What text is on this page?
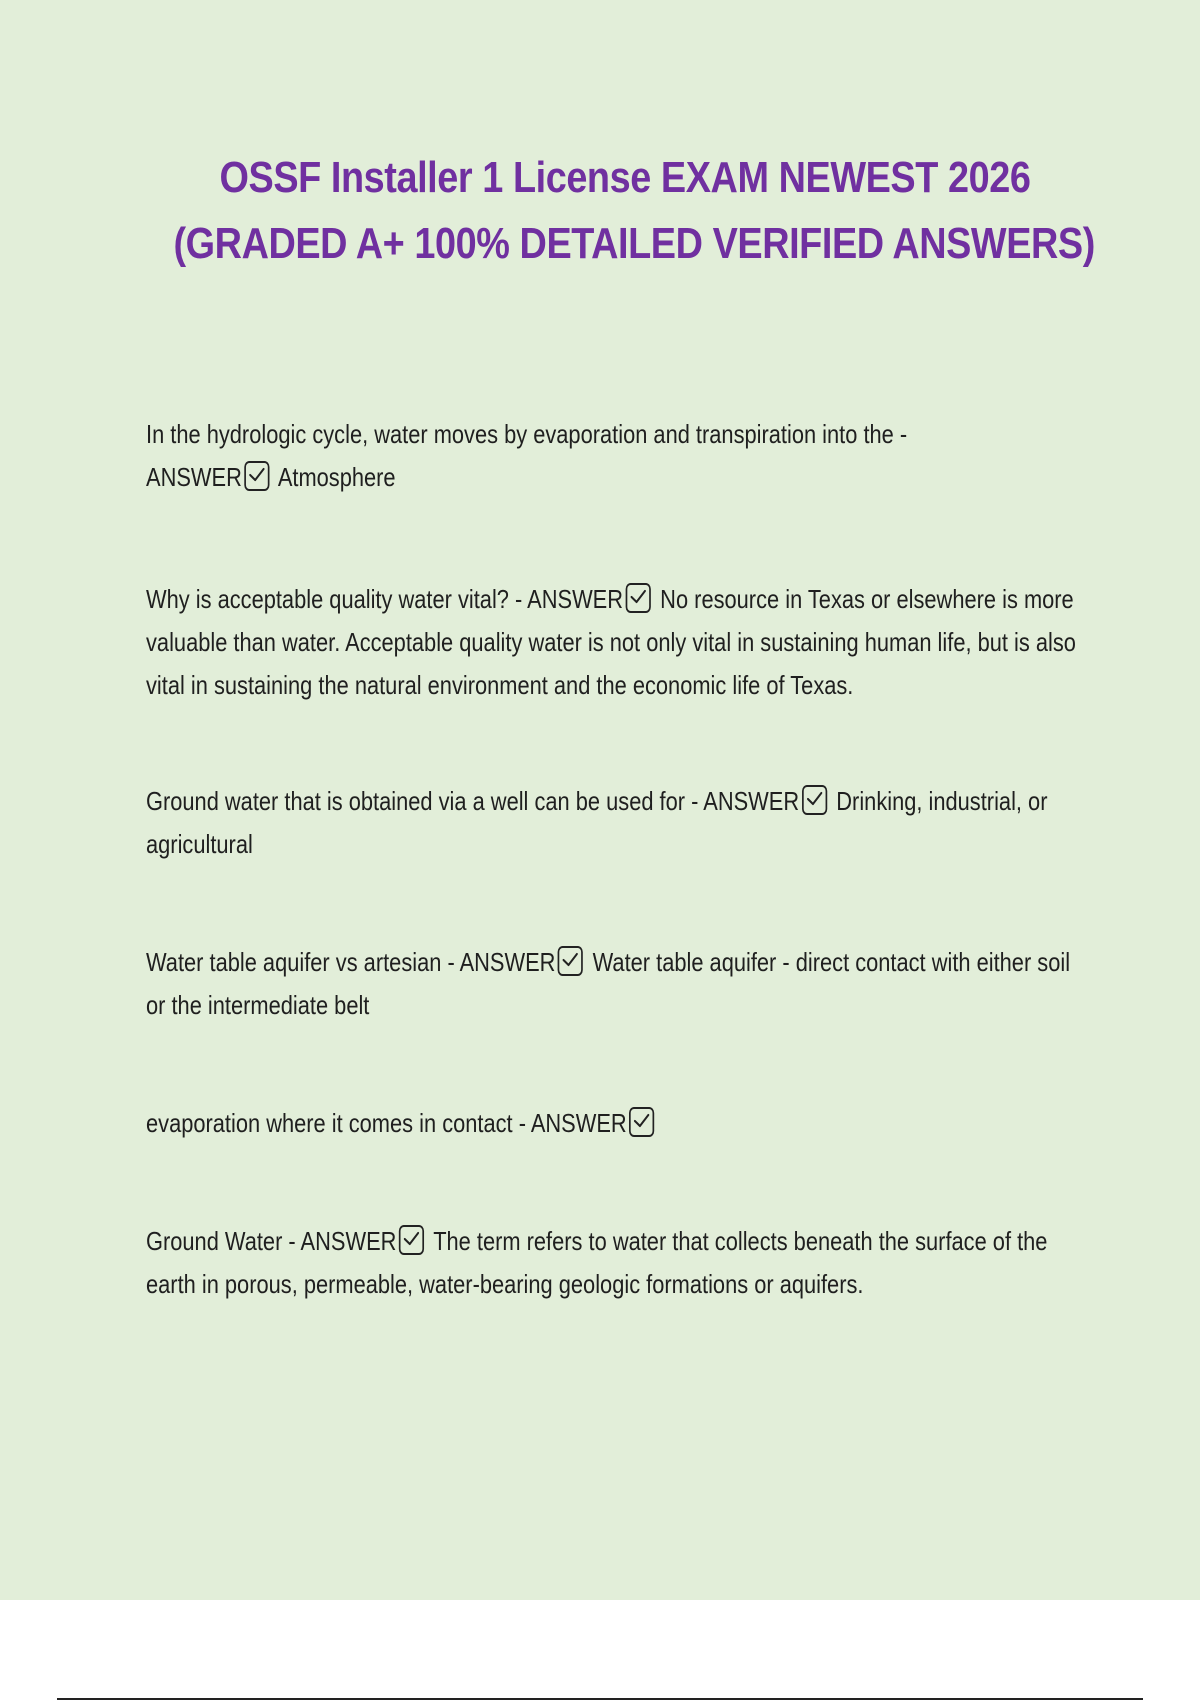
OSSF Installer 1 License EXAM NEWEST 2026
(GRADED A+ 100% DETAILED VERIFIED ANSWERS)

In the hydrologic cycle, water moves by evaporation and transpiration into the -
ANSWER Atmosphere

Why is acceptable quality water vital? - ANSWER No resource in Texas or elsewhere is more valuable than water. Acceptable quality water is not only vital in sustaining human life, but is also vital in sustaining the natural environment and the economic life of Texas.

Ground water that is obtained via a well can be used for - ANSWER Drinking, industrial, or agricultural

Water table aquifer vs artesian - ANSWER Water table aquifer - direct contact with either soil or the intermediate belt

evaporation where it comes in contact - ANSWER

Ground Water - ANSWER The term refers to water that collects beneath the surface of the earth in porous, permeable, water-bearing geologic formations or aquifers.
